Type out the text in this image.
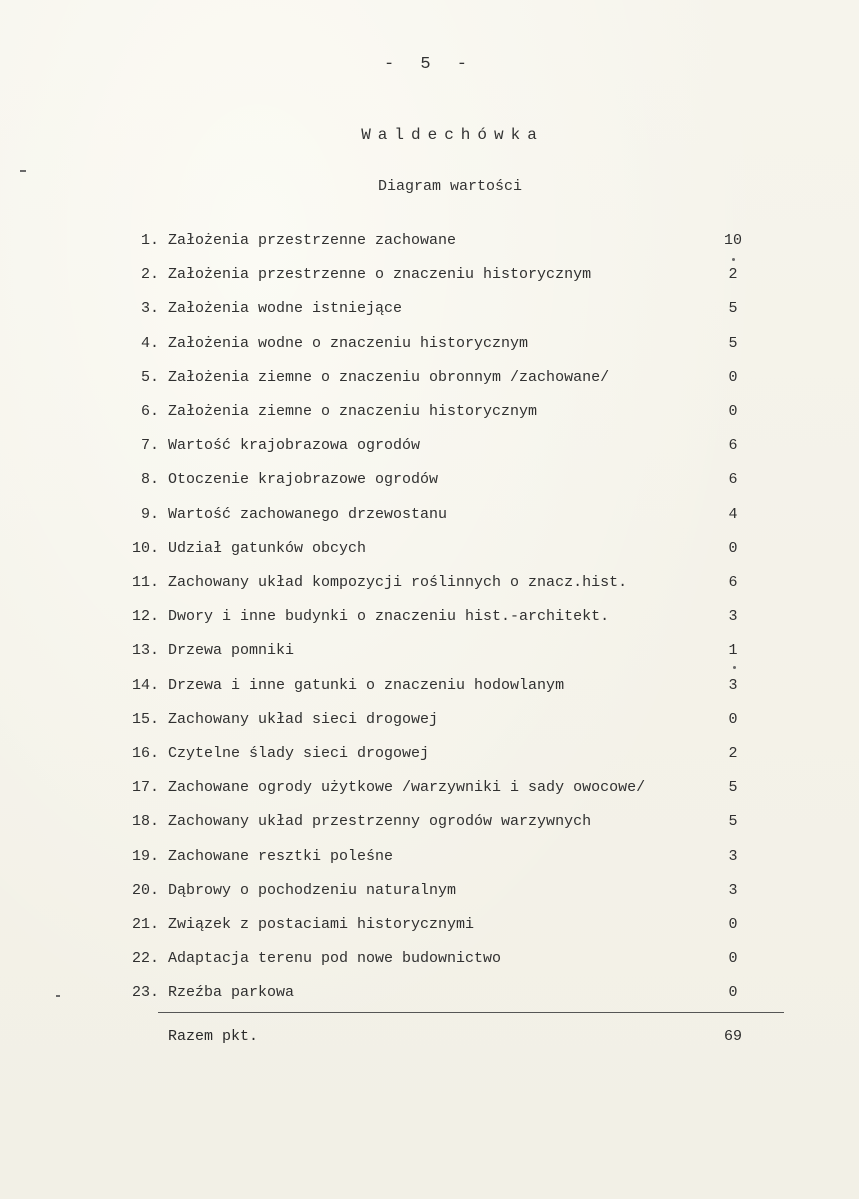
- 5 -
Waldechówka
Diagram wartości
1. Założenia przestrzenne zachowane	10
2. Założenia przestrzenne o znaczeniu historycznym	2
3. Założenia wodne istniejące	5
4. Założenia wodne o znaczeniu historycznym	5
5. Założenia ziemne o znaczeniu obronnym /zachowane/	0
6. Założenia ziemne o znaczeniu historycznym	0
7. Wartość krajobrazowa ogrodów	6
8. Otoczenie krajobrazowe ogrodów	6
9. Wartość zachowanego drzewostanu	4
10. Udział gatunków obcych	0
11. Zachowany układ kompozycji roślinnych o znacz.hist.	6
12. Dwory i inne budynki o znaczeniu hist.-architekt.	3
13. Drzewa pomniki	1
14. Drzewa i inne gatunki o znaczeniu hodowlanym	3
15. Zachowany układ sieci drogowej	0
16. Czytelne ślady sieci drogowej	2
17. Zachowane ogrody użytkowe /warzywniki i sady owocowe/	5
18. Zachowany układ przestrzenny ogrodów warzywnych	5
19. Zachowane resztki poleśne	3
20. Dąbrowy o pochodzeniu naturalnym	3
21. Związek z postaciami historycznymi	0
22. Adaptacja terenu pod nowe budownictwo	0
23. Rzeźba parkowa	0
Razem pkt.	69
